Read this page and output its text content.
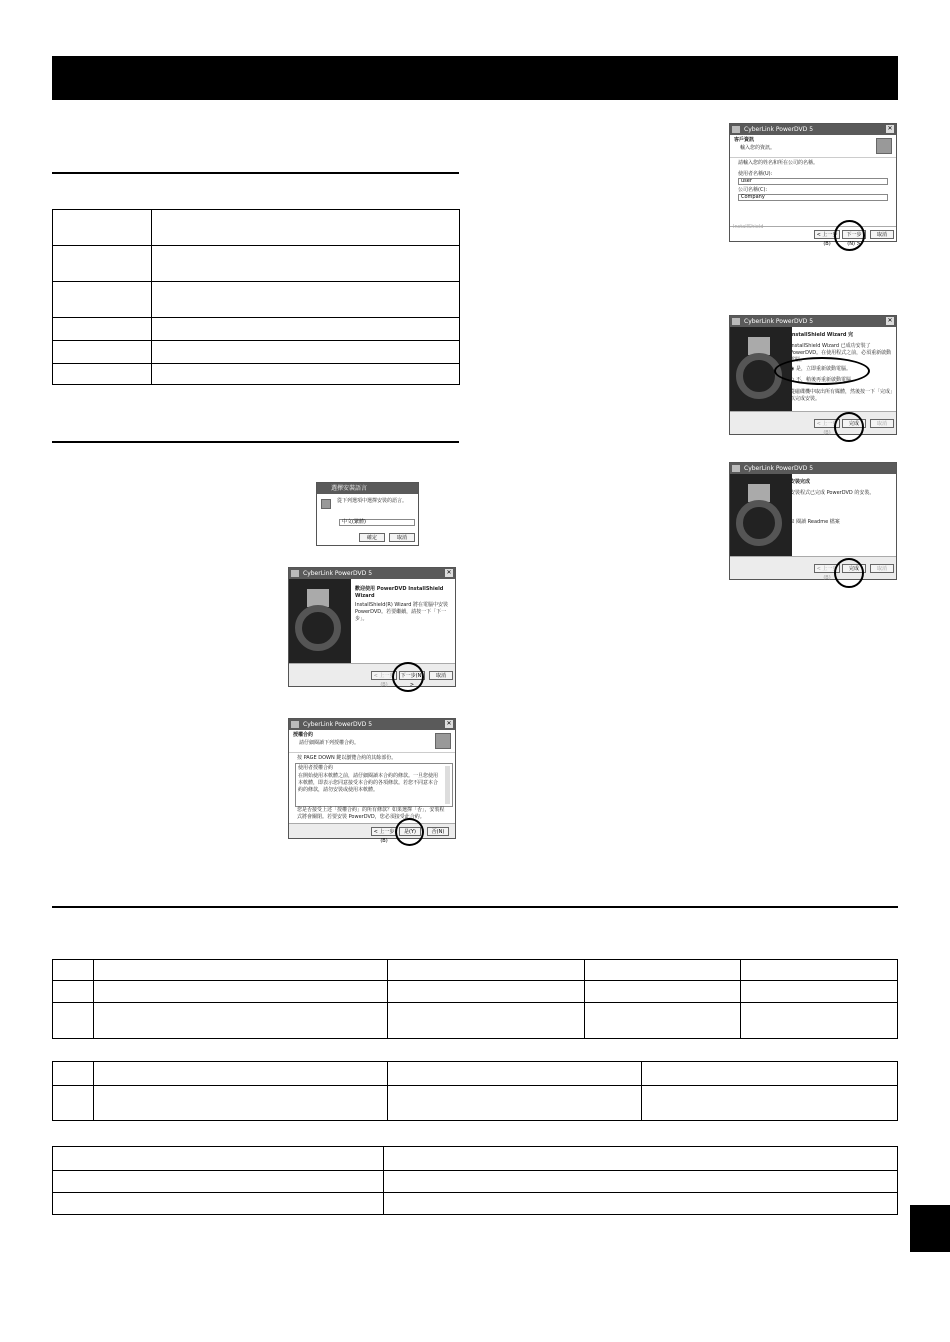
選擇安裝語言
從下列選項中選擇安裝的語言。
中文(繁體)
確定	取消
CyberLink PowerDVD 5	✕
歡迎使用 PowerDVD InstallShield Wizard
InstallShield(R) Wizard 將在電腦中安裝 PowerDVD。若要繼續，請按一下「下一步」。
< 上一步(B)
下一步(N) >
取消
CyberLink PowerDVD 5	✕
授權合約
請仔細閱讀下列授權合約。
按 PAGE DOWN 鍵以瀏覽合約的其餘部份。
使用者授權合約
在開始使用本軟體之前，請仔細閱讀本合約的條款。一旦您使用本軟體，即表示您同意接受本合約的各項條款。若您不同意本合約的條款，請勿安裝或使用本軟體。
您是否接受上述「授權合約」的所有條款？如果選擇「否」，安裝程式將會關閉。若要安裝 PowerDVD，您必須接受此合約。
< 上一步(B)
是(Y)	否(N)
CyberLink PowerDVD 5	✕
客戶資訊
輸入您的資訊。
請輸入您的姓名和所在公司的名稱。
使用者名稱(U):
user
公司名稱(C):
Company
InstallShield
< 上一步(B)
下一步(N) >
取消
CyberLink PowerDVD 5	✕
InstallShield Wizard 完
InstallShield Wizard 已成功安裝了 PowerDVD。在使用程式之前，必須重新啟動電腦。
◉ 是，立即重新啟動電腦。
○ 不，稍後再重新啟動電腦。
從磁碟機中取出所有媒體，然後按一下「完成」以完成安裝。
< 上一步(B)
完成	取消
CyberLink PowerDVD 5
安裝完成
安裝程式已完成 PowerDVD 的安裝。
☑ 閱讀 Readme 檔案
< 上一步(B)
完成	取消
